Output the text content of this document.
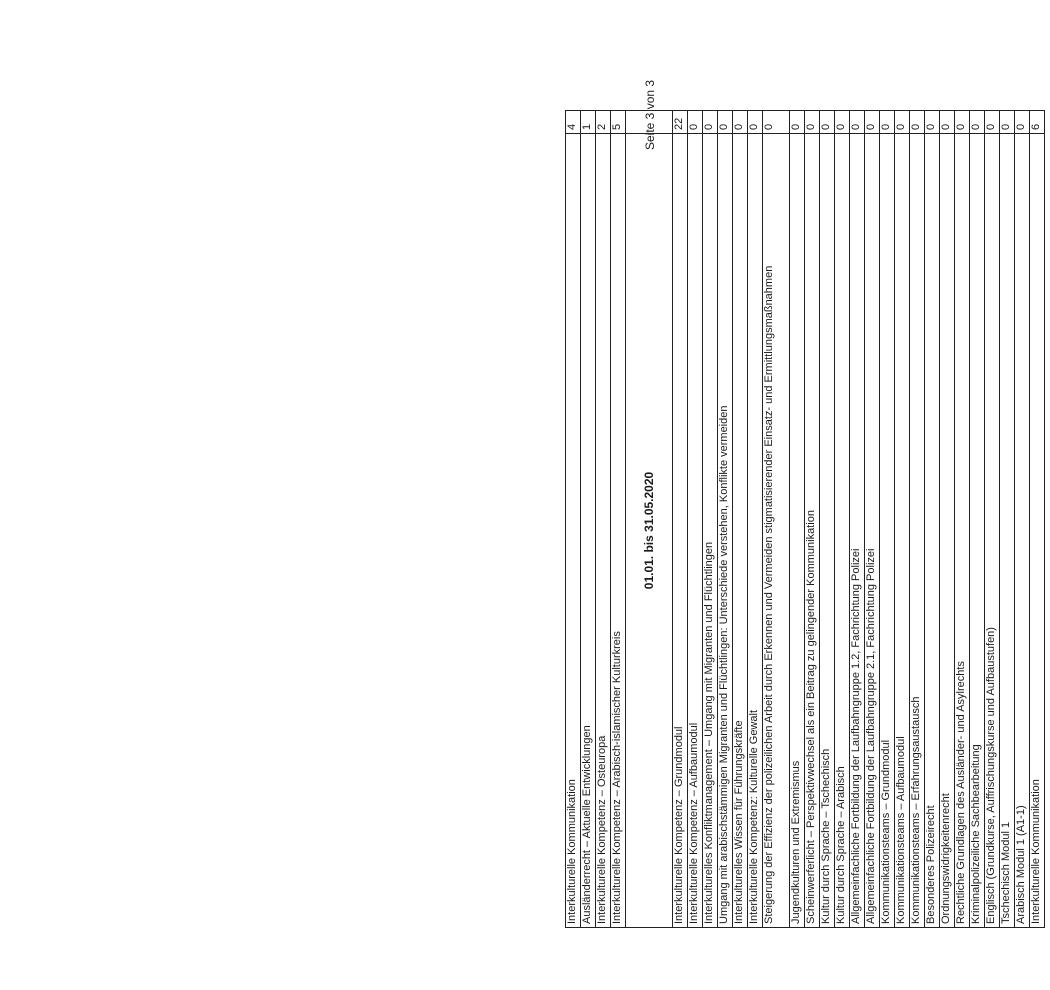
Seite 3 von 3
Interkulturelle Kommunikation	4
Ausländerrecht – Aktuelle Entwicklungen	1
Interkulturelle Kompetenz – Osteuropa	2
Interkulturelle Kompetenz – Arabisch-islamischer Kulturkreis	5
01.01. bis 31.05.2020	
Interkulturelle Kompetenz – Grundmodul	22
Interkulturelle Kompetenz – Aufbaumodul	0
Interkulturelles Konfliktmanagement – Umgang mit Migranten und Flüchtlingen	0
Umgang mit arabischstämmigen Migranten und Flüchtlingen: Unterschiede verstehen, Konflikte vermeiden	0
Interkulturelles Wissen für Führungskräfte	0
Interkulturelle Kompetenz: Kulturelle Gewalt	0
Steigerung der Effizienz der polizeilichen Arbeit durch Erkennen und Vermeiden stigmatisierender Einsatz- und Ermittlungsmaßnahmen	0
Jugendkulturen und Extremismus	0
Scheinwerferlicht – Perspektivwechsel als ein Beitrag zu gelingender Kommunikation	0
Kultur durch Sprache – Tschechisch	0
Kultur durch Sprache – Arabisch	0
Allgemeinfachliche Fortbildung der Laufbahngruppe 1.2, Fachrichtung Polizei	0
Allgemeinfachliche Fortbildung der Laufbahngruppe 2.1, Fachrichtung Polizei	0
Kommunikationsteams – Grundmodul	0
Kommunikationsteams – Aufbaumodul	0
Kommunikationsteams – Erfahrungsaustausch	0
Besonderes Polizeirecht	0
Ordnungswidrigkeitenrecht	0
Rechtliche Grundlagen des Ausländer- und Asylrechts	0
Kriminalpolizeiliche Sachbearbeitung	0
Englisch (Grundkurse, Auffrischungskurse und Aufbaustufen)	0
Tschechisch Modul 1	0
Arabisch Modul 1 (A1-1)	0
Interkulturelle Kommunikation	6
